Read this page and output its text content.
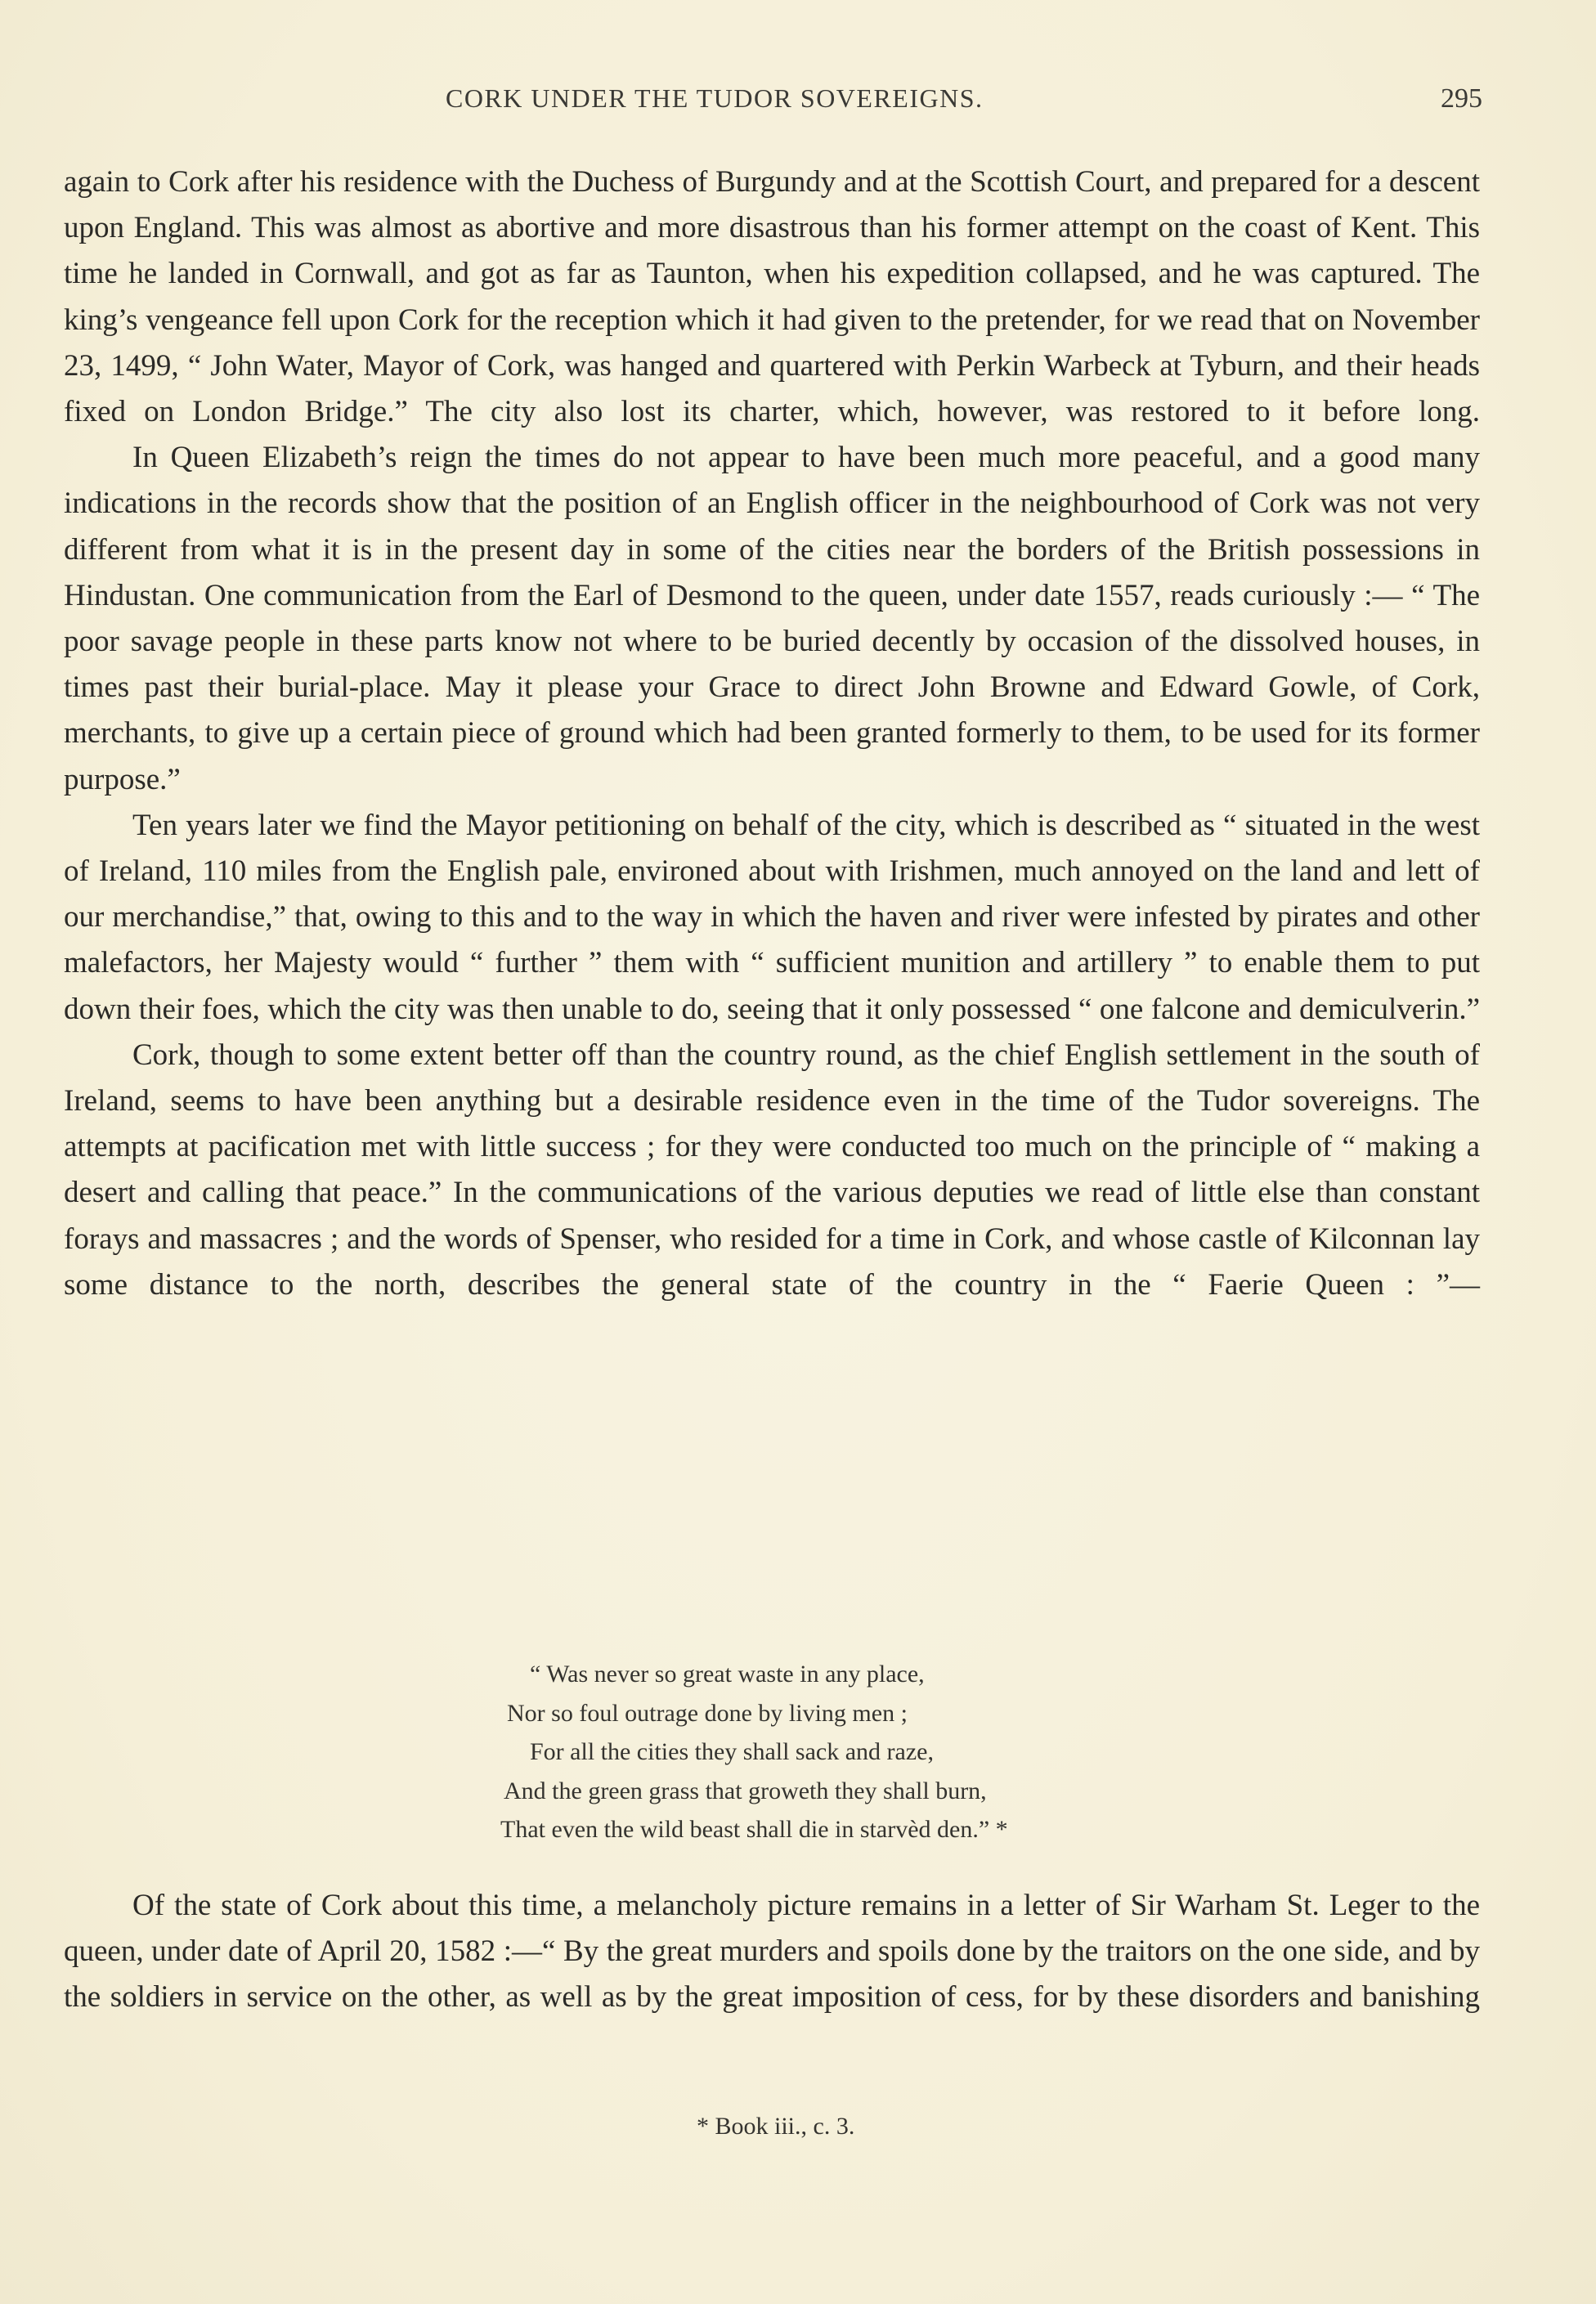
CORK UNDER THE TUDOR SOVEREIGNS.	295

again to Cork after his residence with the Duchess of Burgundy and at the Scottish Court, and prepared for a descent upon England. This was almost as abortive and more disastrous than his former attempt on the coast of Kent. This time he landed in Cornwall, and got as far as Taunton, when his expedition collapsed, and he was captured. The king’s vengeance fell upon Cork for the reception which it had given to the pretender, for we read that on November 23, 1499, “ John Water, Mayor of Cork, was hanged and quartered with Perkin Warbeck at Tyburn, and their heads fixed on London Bridge.” The city also lost its charter, which, however, was restored to it before long.

In Queen Elizabeth’s reign the times do not appear to have been much more peaceful, and a good many indications in the records show that the position of an English officer in the neighbourhood of Cork was not very different from what it is in the present day in some of the cities near the borders of the British possessions in Hindustan. One communication from the Earl of Desmond to the queen, under date 1557, reads curiously :— “ The poor savage people in these parts know not where to be buried decently by occasion of the dissolved houses, in times past their burial-place. May it please your Grace to direct John Browne and Edward Gowle, of Cork, merchants, to give up a certain piece of ground which had been granted formerly to them, to be used for its former purpose.”

Ten years later we find the Mayor petitioning on behalf of the city, which is described as “ situated in the west of Ireland, 110 miles from the English pale, environed about with Irishmen, much annoyed on the land and lett of our merchandise,” that, owing to this and to the way in which the haven and river were infested by pirates and other malefactors, her Majesty would “ further ” them with “ sufficient munition and artillery ” to enable them to put down their foes, which the city was then unable to do, seeing that it only possessed “ one falcone and demiculverin.”

Cork, though to some extent better off than the country round, as the chief English settlement in the south of Ireland, seems to have been anything but a desirable residence even in the time of the Tudor sovereigns. The attempts at pacification met with little success ; for they were conducted too much on the principle of “ making a desert and calling that peace.” In the communications of the various deputies we read of little else than constant forays and massacres ; and the words of Spenser, who resided for a time in Cork, and whose castle of Kilconnan lay some distance to the north, describes the general state of the country in the “ Faerie Queen : ”—

“ Was never so great waste in any place,
Nor so foul outrage done by living men ;
For all the cities they shall sack and raze,
And the green grass that groweth they shall burn,
That even the wild beast shall die in starvèd den.” *

Of the state of Cork about this time, a melancholy picture remains in a letter of Sir Warham St. Leger to the queen, under date of April 20, 1582 :—“ By the great murders and spoils done by the traitors on the one side, and by the soldiers in service on the other, as well as by the great imposition of cess, for by these disorders and banishing

* Book iii., c. 3.
